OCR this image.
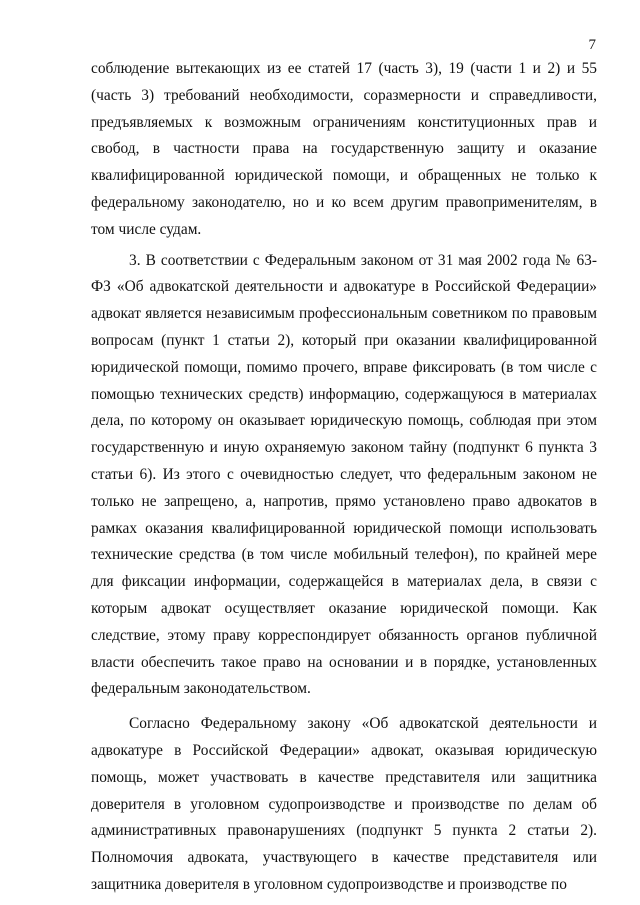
7

соблюдение вытекающих из ее статей 17 (часть 3), 19 (части 1 и 2) и 55 (часть 3) требований необходимости, соразмерности и справедливости, предъявляемых к возможным ограничениям конституционных прав и свобод, в частности права на государственную защиту и оказание квалифицированной юридической помощи, и обращенных не только к федеральному законодателю, но и ко всем другим правоприменителям, в том числе судам.

3. В соответствии с Федеральным законом от 31 мая 2002 года № 63-ФЗ «Об адвокатской деятельности и адвокатуре в Российской Федерации» адвокат является независимым профессиональным советником по правовым вопросам (пункт 1 статьи 2), который при оказании квалифицированной юридической помощи, помимо прочего, вправе фиксировать (в том числе с помощью технических средств) информацию, содержащуюся в материалах дела, по которому он оказывает юридическую помощь, соблюдая при этом государственную и иную охраняемую законом тайну (подпункт 6 пункта 3 статьи 6). Из этого с очевидностью следует, что федеральным законом не только не запрещено, а, напротив, прямо установлено право адвокатов в рамках оказания квалифицированной юридической помощи использовать технические средства (в том числе мобильный телефон), по крайней мере для фиксации информации, содержащейся в материалах дела, в связи с которым адвокат осуществляет оказание юридической помощи. Как следствие, этому праву корреспондирует обязанность органов публичной власти обеспечить такое право на основании и в порядке, установленных федеральным законодательством.

Согласно Федеральному закону «Об адвокатской деятельности и адвокатуре в Российской Федерации» адвокат, оказывая юридическую помощь, может участвовать в качестве представителя или защитника доверителя в уголовном судопроизводстве и производстве по делам об административных правонарушениях (подпункт 5 пункта 2 статьи 2). Полномочия адвоката, участвующего в качестве представителя или защитника доверителя в уголовном судопроизводстве и производстве по
